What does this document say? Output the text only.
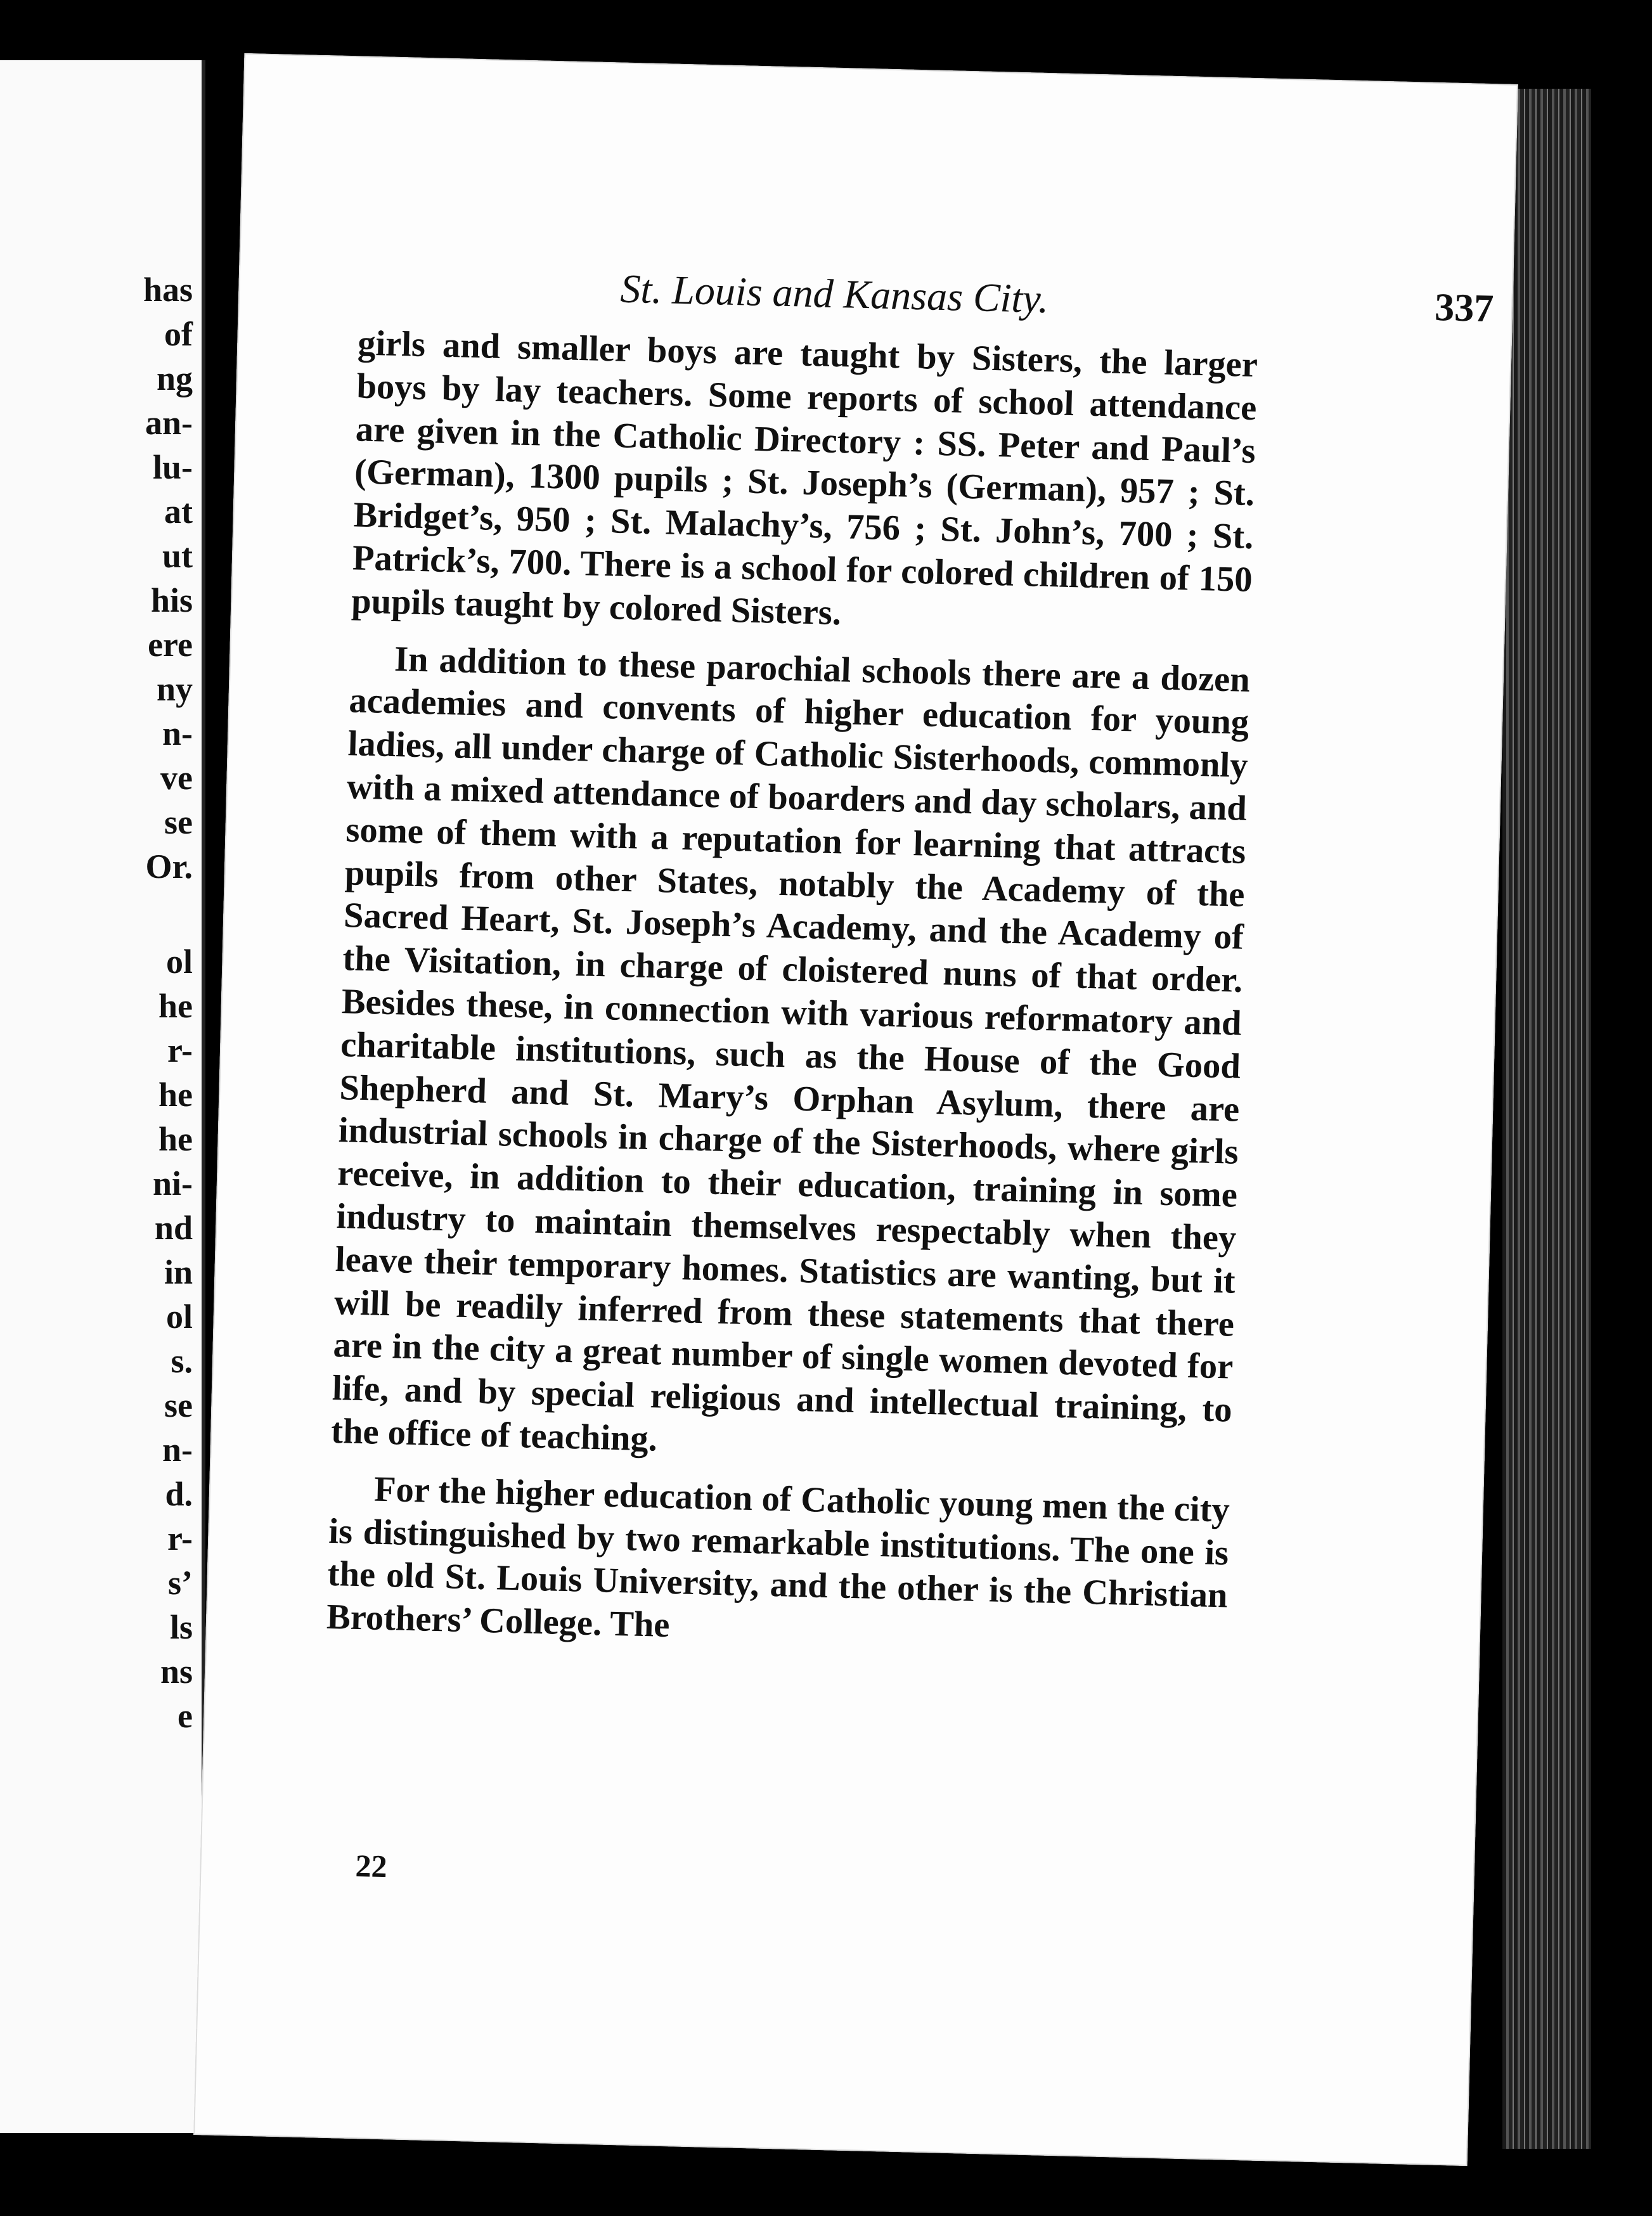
has
of
ng
an-
lu-
at
ut
his
ere
ny
n-
ve
se
Or.
ol
he
r-
he
he
ni-
nd
in
ol
s.
se
n-
d.
r-
s’
ls
ns
e
St. Louis and Kansas City.	337

girls and smaller boys are taught by Sisters, the larger boys by lay teachers. Some reports of school attendance are given in the Catholic Directory : SS. Peter and Paul’s (German), 1300 pupils ; St. Joseph’s (German), 957 ; St. Bridget’s, 950 ; St. Malachy’s, 756 ; St. John’s, 700 ; St. Patrick’s, 700. There is a school for colored children of 150 pupils taught by colored Sisters.

In addition to these parochial schools there are a dozen academies and convents of higher education for young ladies, all under charge of Catholic Sisterhoods, commonly with a mixed attendance of boarders and day scholars, and some of them with a reputation for learning that attracts pupils from other States, notably the Academy of the Sacred Heart, St. Joseph’s Academy, and the Academy of the Visitation, in charge of cloistered nuns of that order. Besides these, in connection with various reformatory and charitable institutions, such as the House of the Good Shepherd and St. Mary’s Orphan Asylum, there are industrial schools in charge of the Sisterhoods, where girls receive, in addition to their education, training in some industry to maintain themselves respectably when they leave their temporary homes. Statistics are wanting, but it will be readily inferred from these statements that there are in the city a great number of single women devoted for life, and by special religious and intellectual training, to the office of teaching.

For the higher education of Catholic young men the city is distinguished by two remarkable institutions. The one is the old St. Louis University, and the other is the Christian Brothers’ College. The

22
